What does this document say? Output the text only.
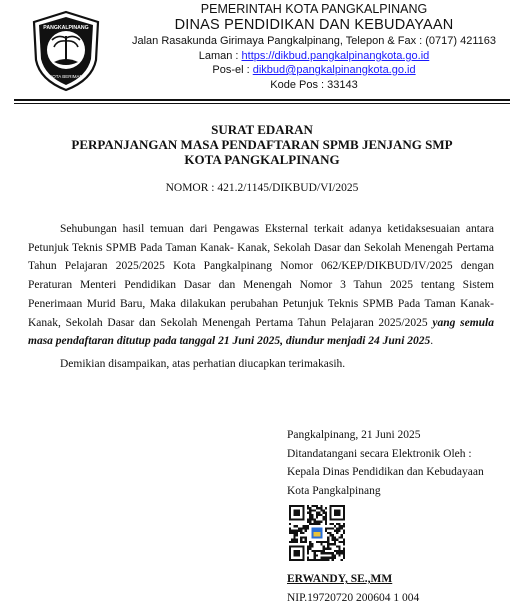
PANGKALPINANG
KOTA BERIMAN
PEMERINTAH KOTA PANGKALPINANG
DINAS PENDIDIKAN DAN KEBUDAYAAN
Jalan Rasakunda Girimaya Pangkalpinang, Telepon & Fax : (0717) 421163
Laman : https://dikbud.pangkalpinangkota.go.id
Pos-el : dikbud@pangkalpinangkota.go.id
Kode Pos : 33143
SURAT EDARAN
PERPANJANGAN MASA PENDAFTARAN SPMB JENJANG SMP
KOTA PANGKALPINANG
NOMOR : 421.2/1145/DIKBUD/VI/2025

Sehubungan hasil temuan dari Pengawas Eksternal terkait adanya ketidaksesuaian antara Petunjuk Teknis SPMB Pada Taman Kanak- Kanak, Sekolah Dasar dan Sekolah Menengah Pertama Tahun Pelajaran 2025/2025 Kota Pangkalpinang Nomor 062/KEP/DIKBUD/IV/2025 dengan Peraturan Menteri Pendidikan Dasar dan Menengah Nomor 3 Tahun 2025 tentang Sistem Penerimaan Murid Baru, Maka dilakukan perubahan Petunjuk Teknis SPMB Pada Taman Kanak- Kanak, Sekolah Dasar dan Sekolah Menengah Pertama Tahun Pelajaran 2025/2025 yang semula masa pendaftaran ditutup pada tanggal 21 Juni 2025, diundur menjadi 24 Juni 2025.

Demikian disampaikan, atas perhatian diucapkan terimakasih.

Pangkalpinang, 21 Juni 2025
Ditandatangani secara Elektronik Oleh :
Kepala Dinas Pendidikan dan Kebudayaan
Kota Pangkalpinang
ERWANDY, SE.,MM
NIP.19720720 200604 1 004
